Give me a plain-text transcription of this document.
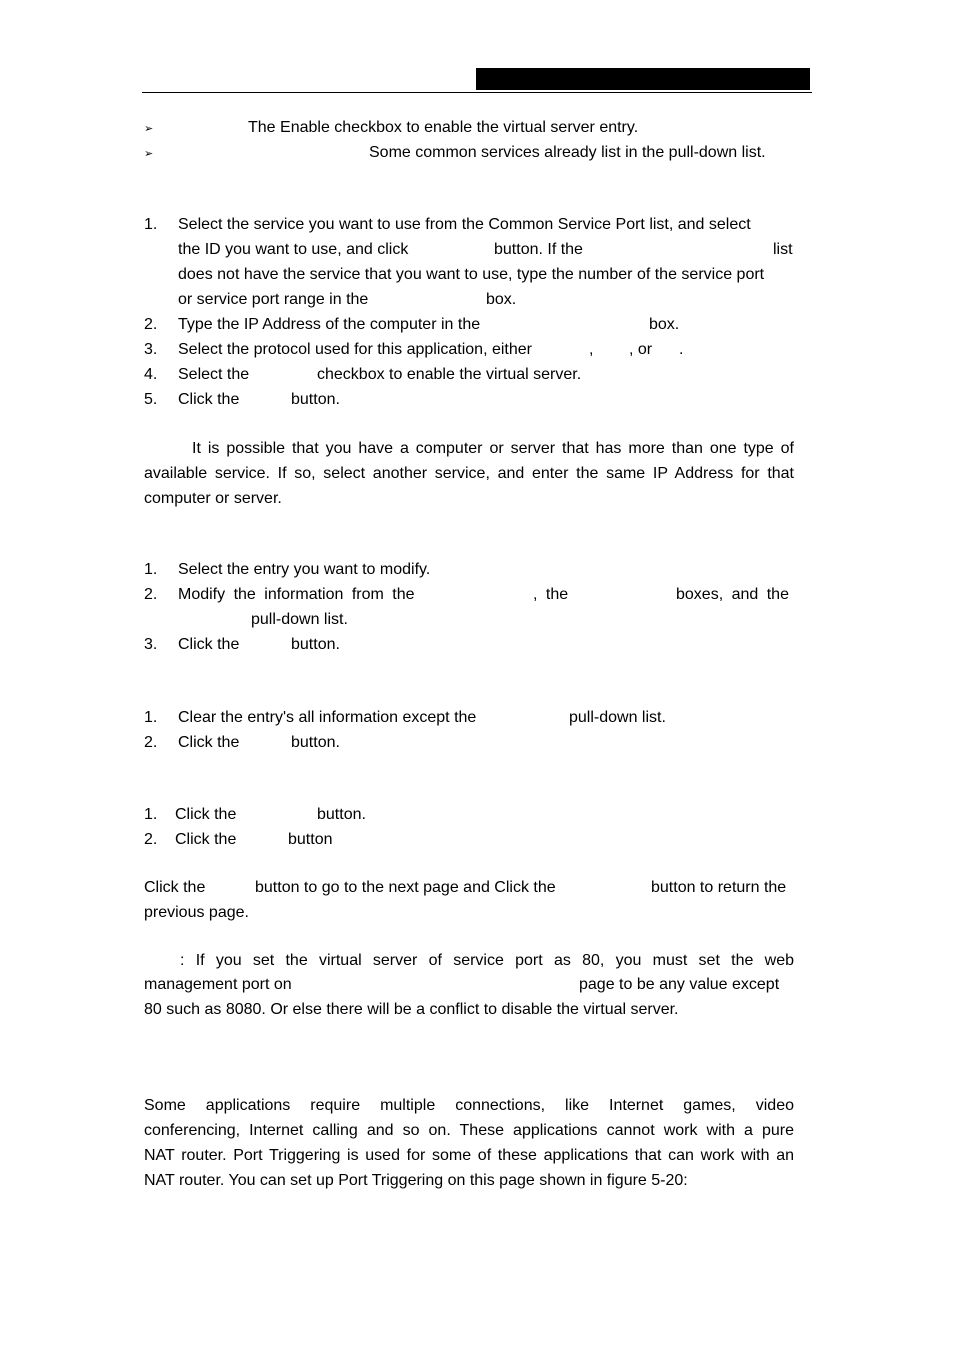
➢	The Enable checkbox to enable the virtual server entry.
➢	Some common services already list in the pull-down list.
1. Select the service you want to use from the Common Service Port list, and select
the ID you want to use, and click	button. If the	list
does not have the service that you want to use, type the number of the service port
or service port range in the	box.
2. Type the IP Address of the computer in the	box.
3. Select the protocol used for this application, either	, , or .
4. Select the	checkbox to enable the virtual server.
5. Click the	button.
It is possible that you have a computer or server that has more than one type of
available service. If so, select another service, and enter the same IP Address for that
computer or server.
1. Select the entry you want to modify.
2. Modify the information from the	, the	boxes, and the
pull-down list.
3. Click the	button.
1. Clear the entry's all information except the	pull-down list.
2. Click the	button.
1. Click the	button.
2. Click the	button
Click the	button to go to the next page and Click the	button to return the
previous page.
: If you set the virtual server of service port as 80, you must set the web
management port on	page to be any value except
80 such as 8080. Or else there will be a conflict to disable the virtual server.
Some applications require multiple connections, like Internet games, video
conferencing, Internet calling and so on. These applications cannot work with a pure
NAT router. Port Triggering is used for some of these applications that can work with an
NAT router. You can set up Port Triggering on this page shown in figure 5-20:
